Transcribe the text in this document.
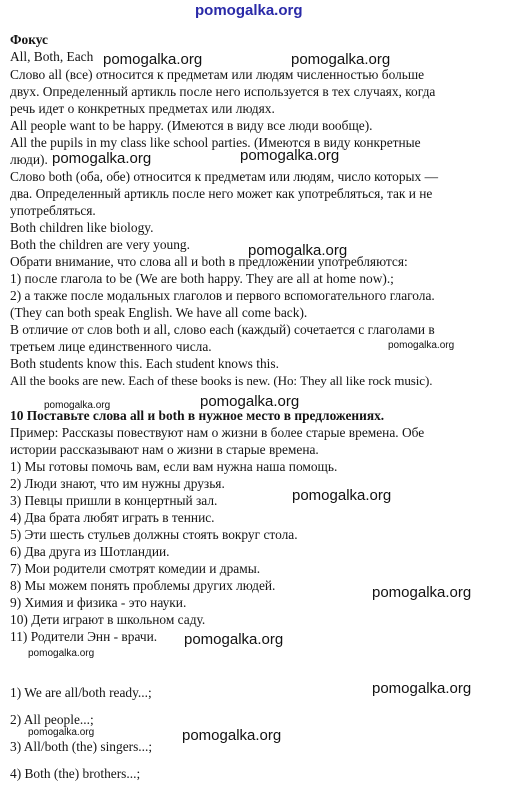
pomogalka.org
Фокус
All, Both, Each
Слово all (все) относится к предметам или людям численностью больше
двух. Определенный артикль после него используется в тех случаях, когда
речь идет о конкретных предметах или людях.
All people want to be happy. (Имеются в виду все люди вообще).
All the pupils in my class like school parties. (Имеются в виду конкретные
люди).
Слово both (оба, обе) относится к предметам или людям, число которых —
два. Определенный артикль после него может как употребляться, так и не
употребляться.
Both children like biology.
Both the children are very young.
Обрати внимание, что слова all и both в предложении употребляются:
1) после глагола to be (We are both happy. They are all at home now).;
2) а также после модальных глаголов и первого вспомогательного глагола.
(They can both speak English. We have all come back).
В отличие от слов both и all, слово each (каждый) сочетается с глаголами в
третьем лице единственного числа.
Both students know this. Each student knows this.
All the books are new. Each of these books is new. (Но: They all like rock music).
10 Поставьте слова all и both в нужное место в предложениях.
Пример: Рассказы повествуют нам о жизни в более старые времена. Обе
истории рассказывают нам о жизни в старые времена.
1) Мы готовы помочь вам, если вам нужна наша помощь.
2) Люди знают, что им нужны друзья.
3) Певцы пришли в концертный зал.
4) Два брата любят играть в теннис.
5) Эти шесть стульев должны стоять вокруг стола.
6) Два друга из Шотландии.
7) Мои родители смотрят комедии и драмы.
8) Мы можем понять проблемы других людей.
9) Химия и физика - это науки.
10) Дети играют в школьном саду.
11) Родители Энн - врачи.
1) We are all/both ready...;
2) All people...;
3) All/both (the) singers...;
4) Both (the) brothers...;
pomogalka.org	pomogalka.org
pomogalka.org	pomogalka.org
pomogalka.org
pomogalka.org
pomogalka.org
pomogalka.org
pomogalka.org
pomogalka.org
pomogalka.org
pomogalka.org
pomogalka.org
pomogalka.org	pomogalka.org
